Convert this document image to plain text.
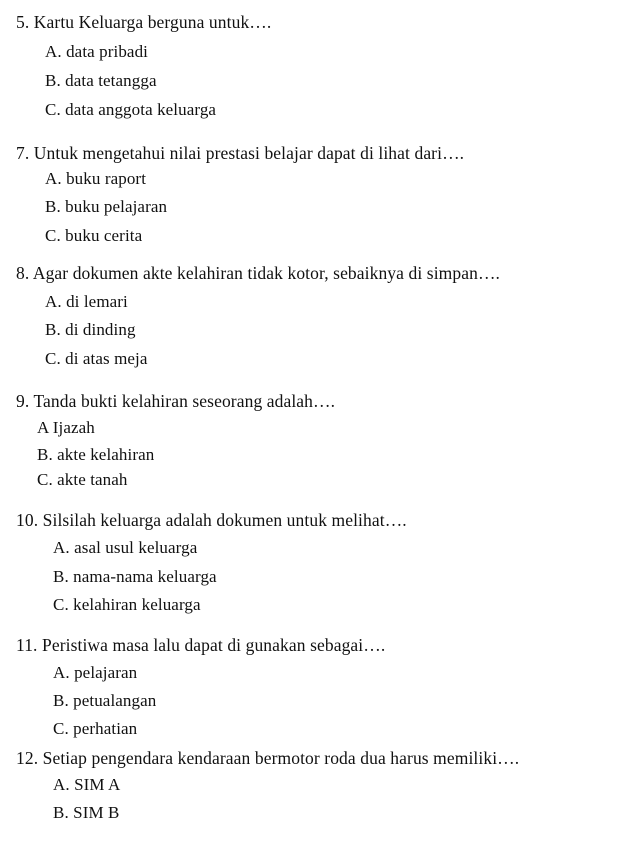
5. Kartu Keluarga berguna untuk….
A. data pribadi
B. data tetangga
C. data anggota keluarga
7. Untuk mengetahui nilai prestasi belajar dapat di lihat dari….
A. buku raport
B. buku pelajaran
C. buku cerita
8. Agar dokumen akte kelahiran tidak kotor, sebaiknya di simpan….
A. di lemari
B. di dinding
C. di atas meja
9. Tanda bukti kelahiran seseorang adalah….
A Ijazah
B. akte kelahiran
C. akte tanah
10. Silsilah keluarga adalah dokumen untuk melihat….
A. asal usul keluarga
B. nama-nama keluarga
C. kelahiran keluarga
11. Peristiwa masa lalu dapat di gunakan sebagai….
A. pelajaran
B. petualangan
C. perhatian
12. Setiap pengendara kendaraan bermotor roda dua harus memiliki….
A. SIM A
B. SIM B
